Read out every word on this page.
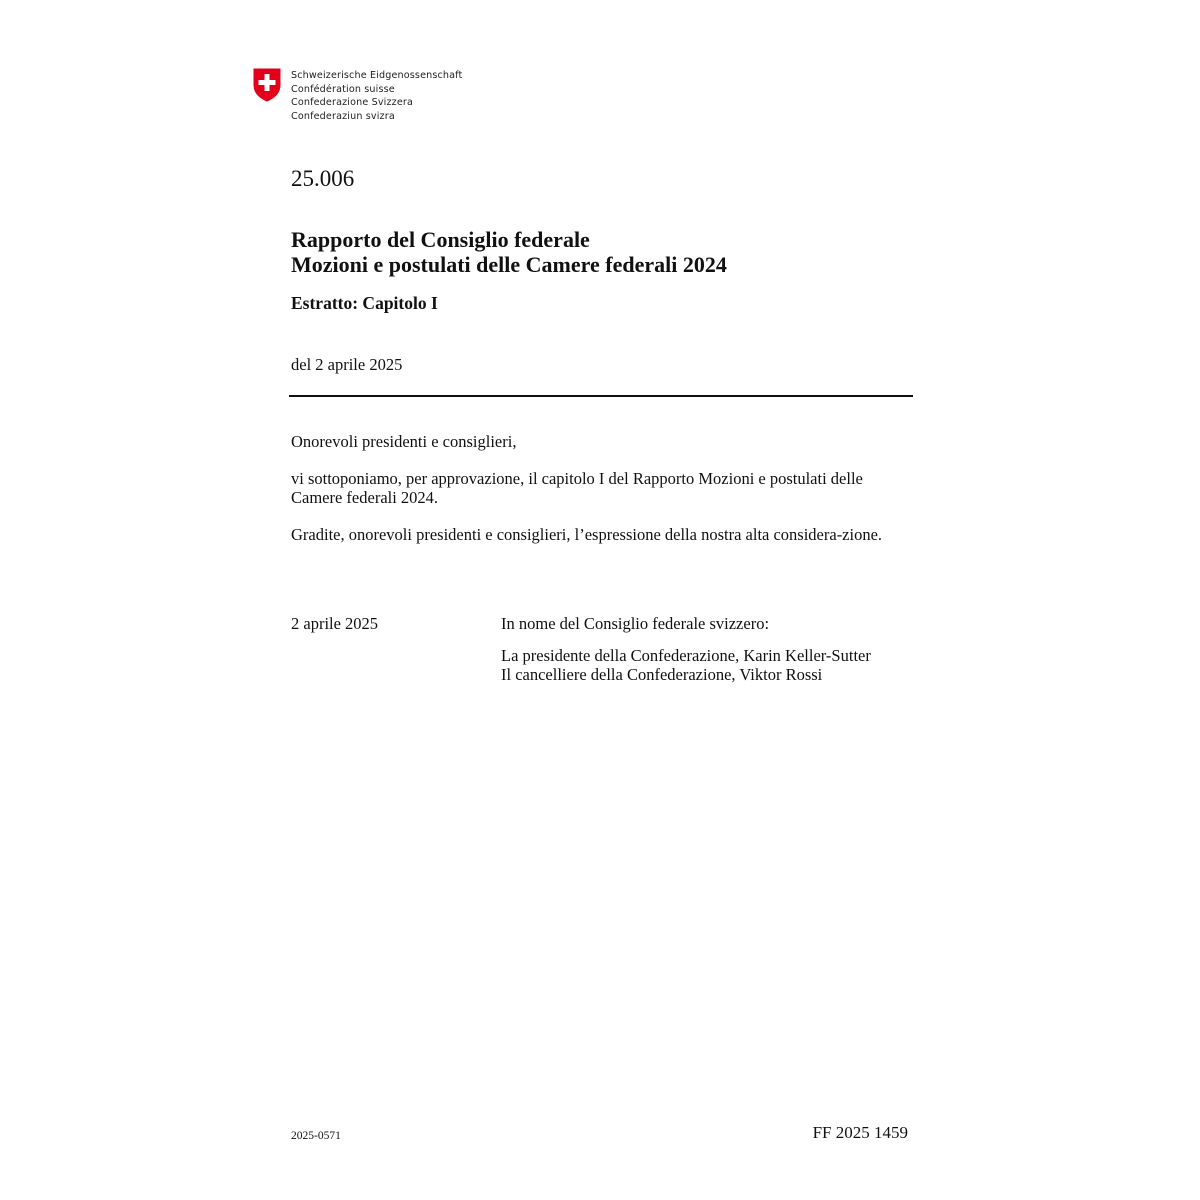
Schweizerische Eidgenossenschaft
Confédération suisse
Confederazione Svizzera
Confederaziun svizra
25.006
Rapporto del Consiglio federale
Mozioni e postulati delle Camere federali 2024
Estratto: Capitolo I
del 2 aprile 2025
Onorevoli presidenti e consiglieri,
vi sottoponiamo, per approvazione, il capitolo I del Rapporto Mozioni e postulati delle Camere federali 2024.
Gradite, onorevoli presidenti e consiglieri, l’espressione della nostra alta considera-zione.
2 aprile 2025	In nome del Consiglio federale svizzero:
La presidente della Confederazione, Karin Keller-Sutter
Il cancelliere della Confederazione, Viktor Rossi
2025-0571	FF 2025 1459
